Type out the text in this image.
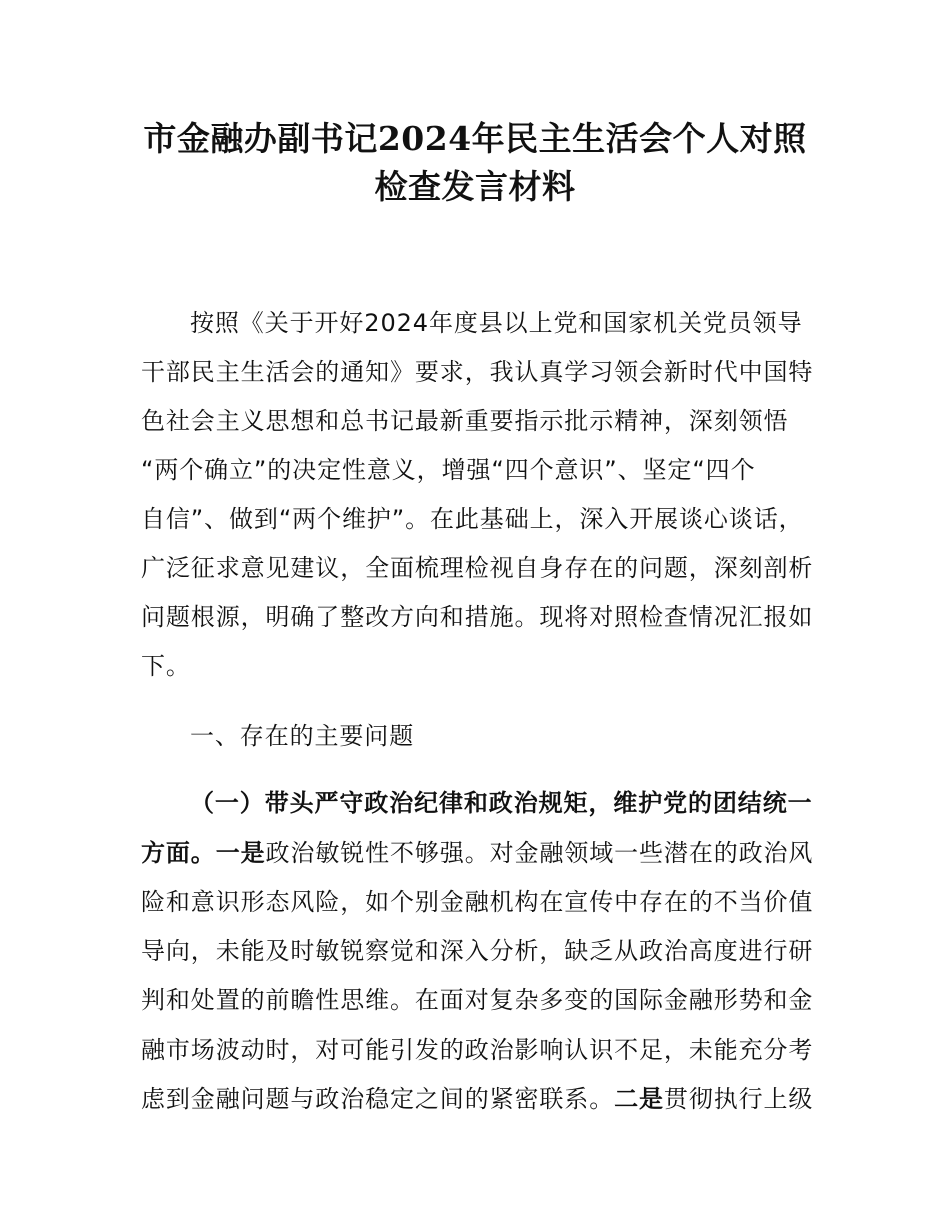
市金融办副书记2024年民主生活会个人对照
检查发言材料
按照《关于开好2024年度县以上党和国家机关党员领导
干部民主生活会的通知》要求，我认真学习领会新时代中国特
色社会主义思想和总书记最新重要指示批示精神，深刻领悟
“两个确立”的决定性意义，增强“四个意识”、坚定“四个
自信”、做到“两个维护”。在此基础上，深入开展谈心谈话，
广泛征求意见建议，全面梳理检视自身存在的问题，深刻剖析
问题根源，明确了整改方向和措施。现将对照检查情况汇报如
下。
一、存在的主要问题
（一）带头严守政治纪律和政治规矩，维护党的团结统一
方面。一是政治敏锐性不够强。对金融领域一些潜在的政治风
险和意识形态风险，如个别金融机构在宣传中存在的不当价值
导向，未能及时敏锐察觉和深入分析，缺乏从政治高度进行研
判和处置的前瞻性思维。在面对复杂多变的国际金融形势和金
融市场波动时，对可能引发的政治影响认识不足，未能充分考
虑到金融问题与政治稳定之间的紧密联系。二是贯彻执行上级
